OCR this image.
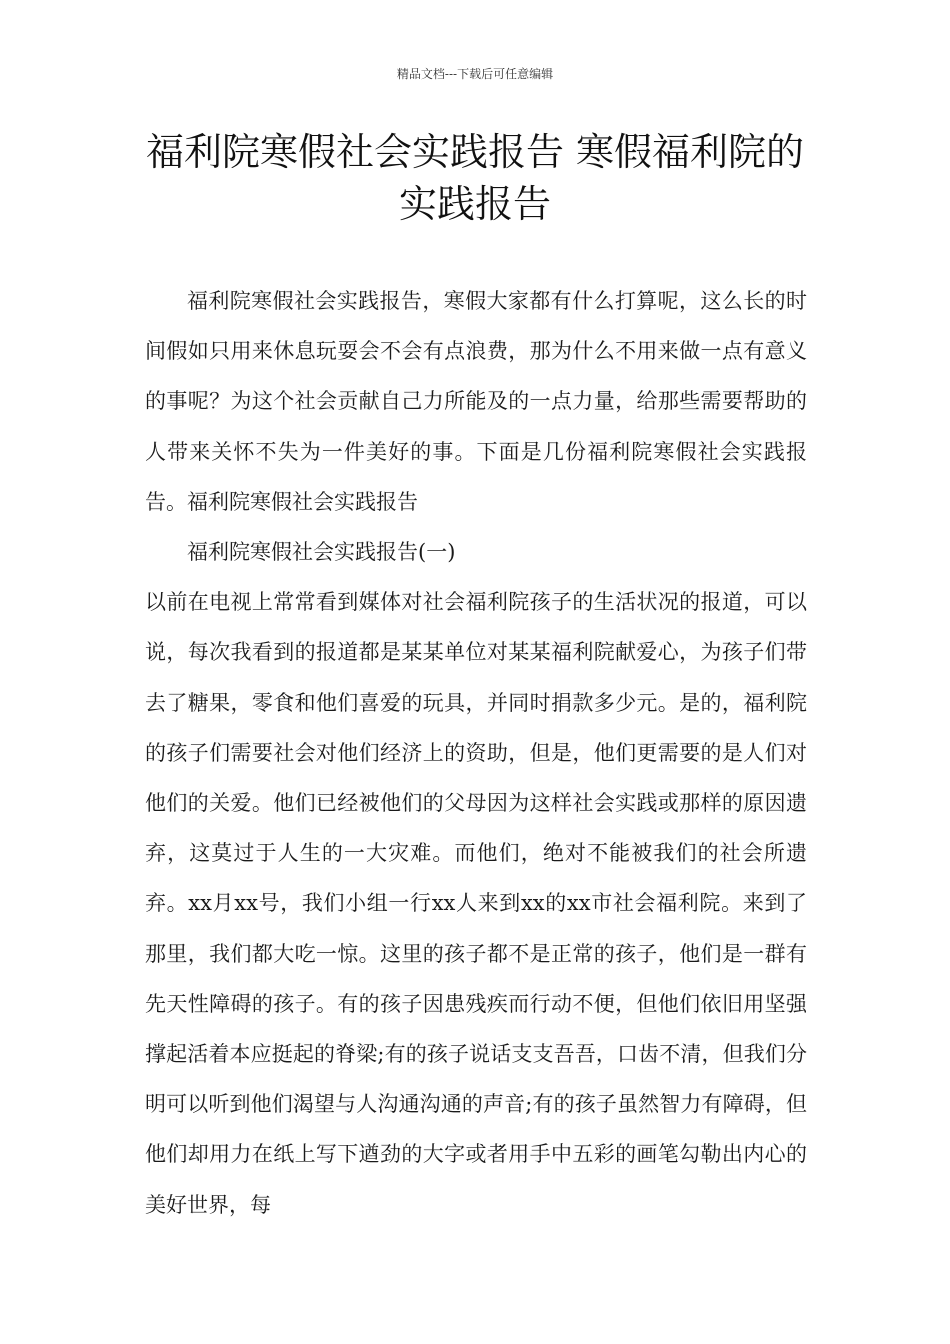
精品文档---下载后可任意编辑
福利院寒假社会实践报告 寒假福利院的实践报告

福利院寒假社会实践报告，寒假大家都有什么打算呢，这么长的时间假如只用来休息玩耍会不会有点浪费，那为什么不用来做一点有意义的事呢？为这个社会贡献自己力所能及的一点力量，给那些需要帮助的人带来关怀不失为一件美好的事。下面是几份福利院寒假社会实践报告。福利院寒假社会实践报告

福利院寒假社会实践报告(一)

以前在电视上常常看到媒体对社会福利院孩子的生活状况的报道，可以说，每次我看到的报道都是某某单位对某某福利院献爱心，为孩子们带去了糖果，零食和他们喜爱的玩具，并同时捐款多少元。是的，福利院的孩子们需要社会对他们经济上的资助，但是，他们更需要的是人们对他们的关爱。他们已经被他们的父母因为这样社会实践或那样的原因遗弃，这莫过于人生的一大灾难。而他们，绝对不能被我们的社会所遗弃。xx月xx号，我们小组一行xx人来到xx的xx市社会福利院。来到了那里，我们都大吃一惊。这里的孩子都不是正常的孩子，他们是一群有先天性障碍的孩子。有的孩子因患残疾而行动不便，但他们依旧用坚强撑起活着本应挺起的脊梁;有的孩子说话支支吾吾，口齿不清，但我们分明可以听到他们渴望与人沟通沟通的声音;有的孩子虽然智力有障碍，但他们却用力在纸上写下遒劲的大字或者用手中五彩的画笔勾勒出内心的美好世界，每
